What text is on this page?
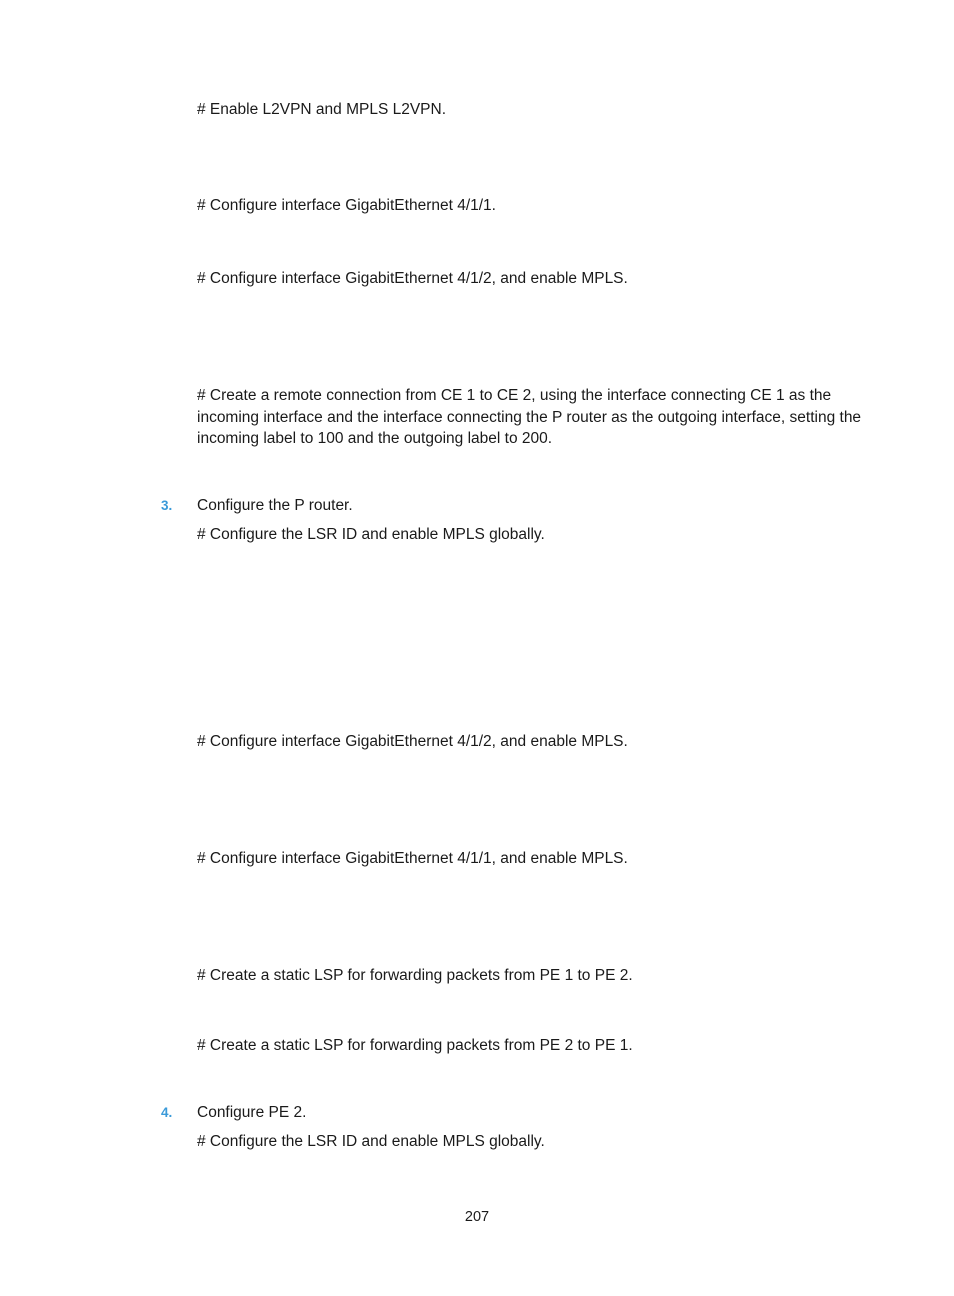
# Enable L2VPN and MPLS L2VPN.

# Configure interface GigabitEthernet 4/1/1.

# Configure interface GigabitEthernet 4/1/2, and enable MPLS.

# Create a remote connection from CE 1 to CE 2, using the interface connecting CE 1 as the incoming interface and the interface connecting the P router as the outgoing interface, setting the incoming label to 100 and the outgoing label to 200.

3. Configure the P router.

# Configure the LSR ID and enable MPLS globally.

# Configure interface GigabitEthernet 4/1/2, and enable MPLS.

# Configure interface GigabitEthernet 4/1/1, and enable MPLS.

# Create a static LSP for forwarding packets from PE 1 to PE 2.

# Create a static LSP for forwarding packets from PE 2 to PE 1.

4. Configure PE 2.

# Configure the LSR ID and enable MPLS globally.

207
